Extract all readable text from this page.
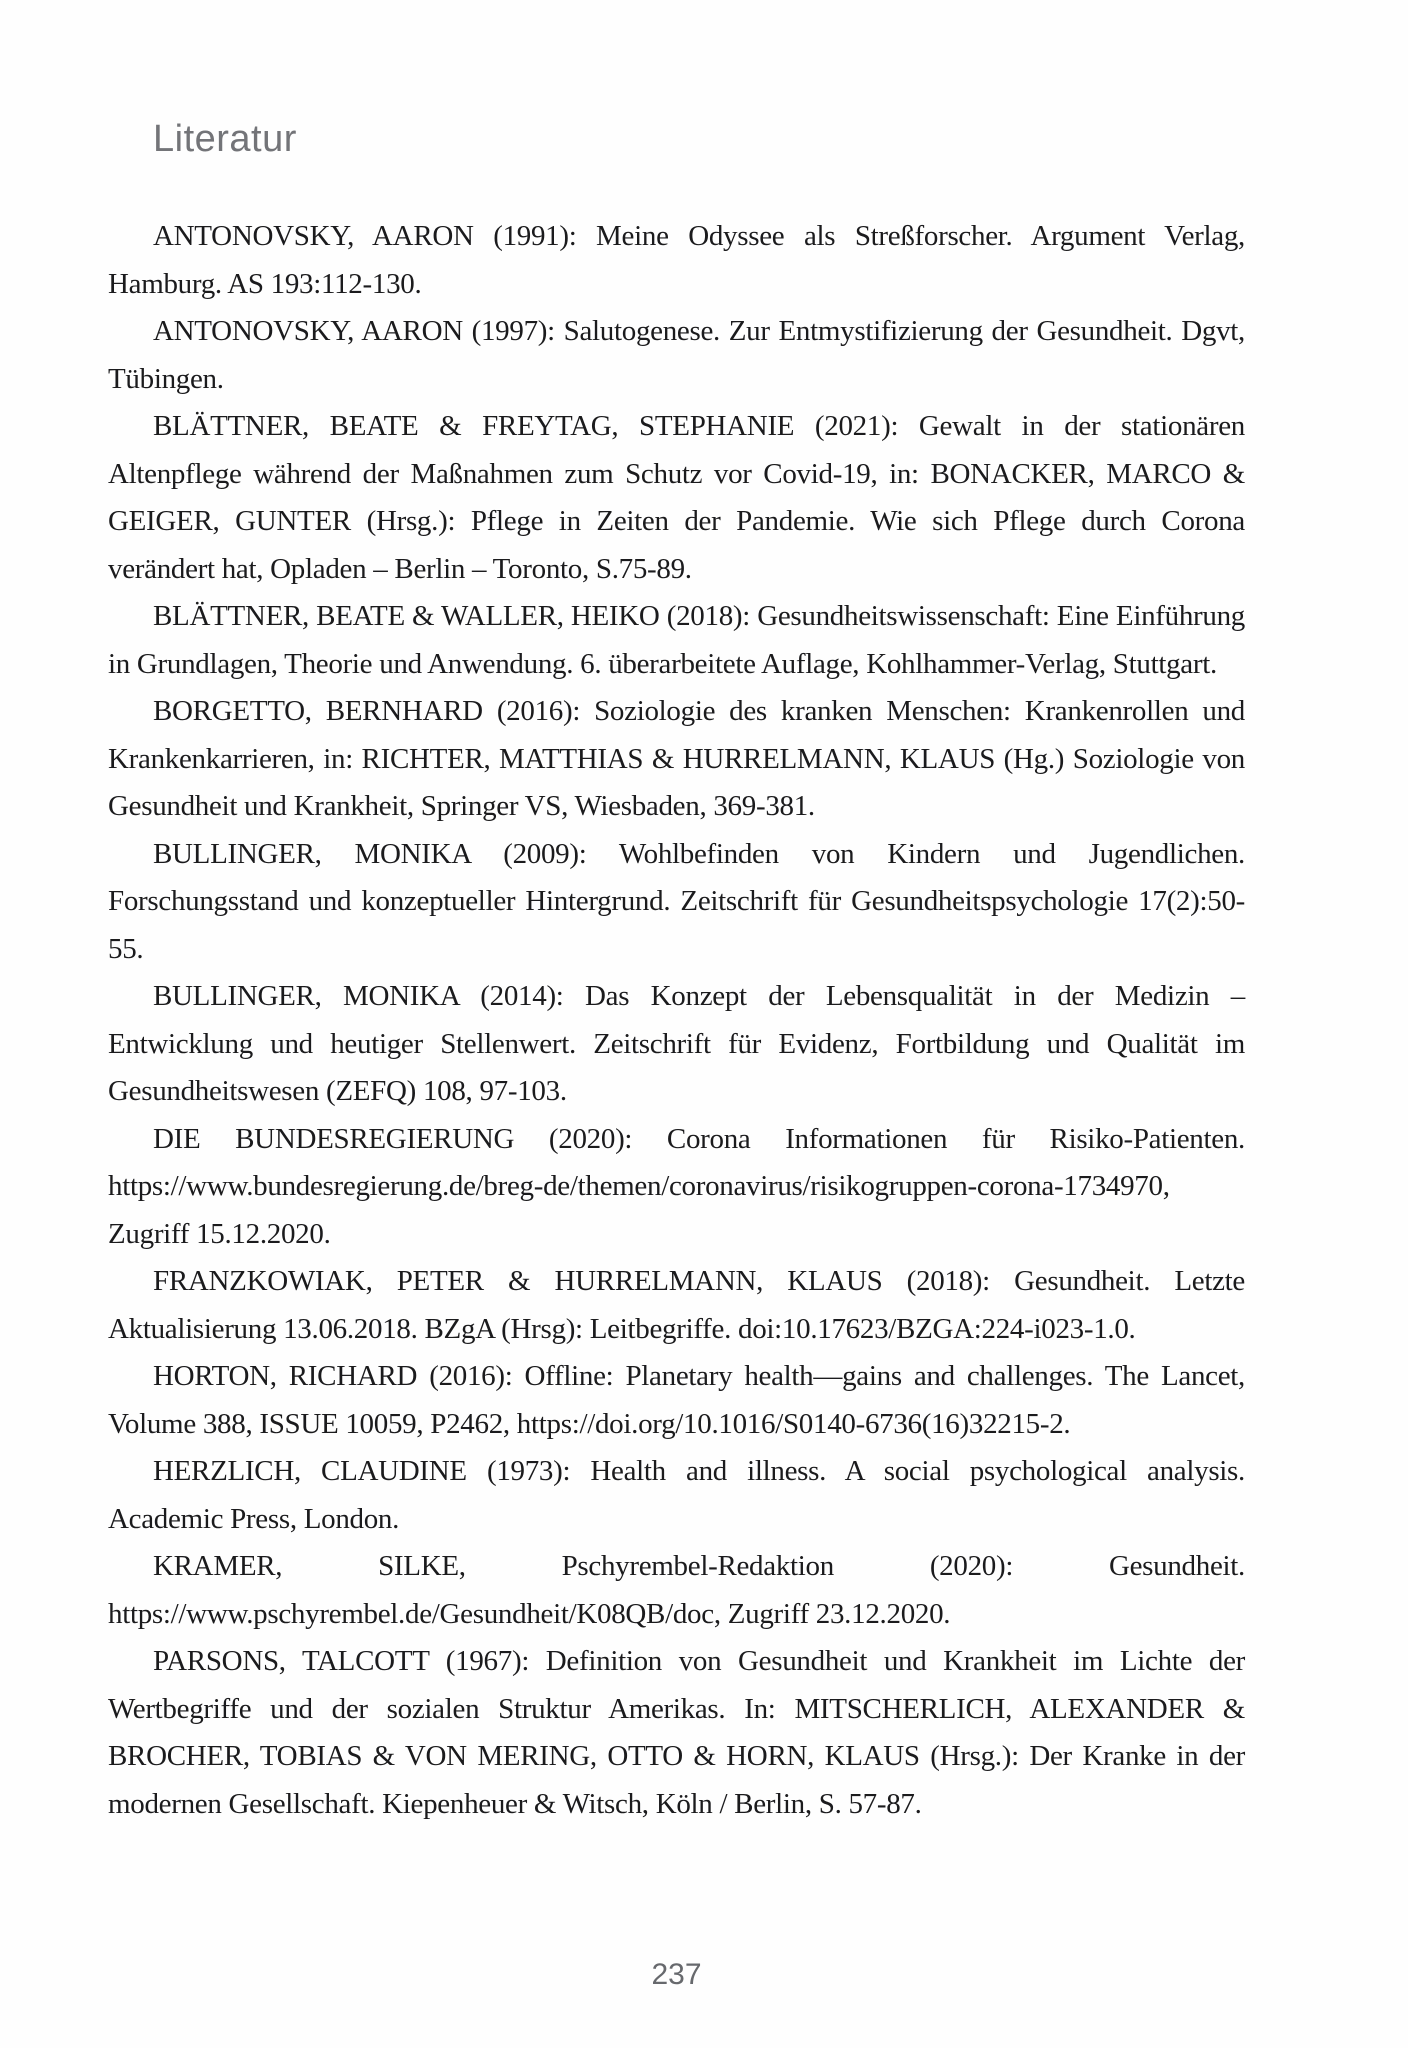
Literatur

ANTONOVSKY, AARON (1991): Meine Odyssee als Streßforscher. Argument Verlag, Hamburg. AS 193:112-130.

ANTONOVSKY, AARON (1997): Salutogenese. Zur Entmystifizierung der Gesundheit. Dgvt, Tübingen.

BLÄTTNER, BEATE & FREYTAG, STEPHANIE (2021): Gewalt in der stationären Altenpflege während der Maßnahmen zum Schutz vor Covid-19, in: BONACKER, MARCO & GEIGER, GUNTER (Hrsg.): Pflege in Zeiten der Pandemie. Wie sich Pflege durch Corona verändert hat, Opladen – Berlin – Toronto, S.75-89.

BLÄTTNER, BEATE & WALLER, HEIKO (2018): Gesundheitswissenschaft: Eine Einführung in Grundlagen, Theorie und Anwendung. 6. überarbeitete Auflage, Kohlhammer-Verlag, Stuttgart.

BORGETTO, BERNHARD (2016): Soziologie des kranken Menschen: Krankenrollen und Krankenkarrieren, in: RICHTER, MATTHIAS & HURRELMANN, KLAUS (Hg.) Soziologie von Gesundheit und Krankheit, Springer VS, Wiesbaden, 369-381.

BULLINGER, MONIKA (2009): Wohlbefinden von Kindern und Jugendlichen. Forschungsstand und konzeptueller Hintergrund. Zeitschrift für Gesundheitspsychologie 17(2):50-55.

BULLINGER, MONIKA (2014): Das Konzept der Lebensqualität in der Medizin – Entwicklung und heutiger Stellenwert. Zeitschrift für Evidenz, Fortbildung und Qualität im Gesundheitswesen (ZEFQ) 108, 97-103.

DIE BUNDESREGIERUNG (2020): Corona Informationen für Risiko-Patienten. https://www.bundesregierung.de/breg-de/themen/coronavirus/risikogruppen-corona-1734970, Zugriff 15.12.2020.

FRANZKOWIAK, PETER & HURRELMANN, KLAUS (2018): Gesundheit. Letzte Aktualisierung 13.06.2018. BZgA (Hrsg): Leitbegriffe. doi:10.17623/BZGA:224-i023-1.0.

HORTON, RICHARD (2016): Offline: Planetary health—gains and challenges. The Lancet, Volume 388, ISSUE 10059, P2462, https://doi.org/10.1016/S0140-6736(16)32215-2.

HERZLICH, CLAUDINE (1973): Health and illness. A social psychological analysis. Academic Press, London.

KRAMER, SILKE, Pschyrembel-Redaktion (2020): Gesundheit. https://www.pschyrembel.de/Gesundheit/K08QB/doc, Zugriff 23.12.2020.

PARSONS, TALCOTT (1967): Definition von Gesundheit und Krankheit im Lichte der Wertbegriffe und der sozialen Struktur Amerikas. In: MITSCHERLICH, ALEXANDER & BROCHER, TOBIAS & VON MERING, OTTO & HORN, KLAUS (Hrsg.): Der Kranke in der modernen Gesellschaft. Kiepenheuer & Witsch, Köln / Berlin, S. 57-87.

237
